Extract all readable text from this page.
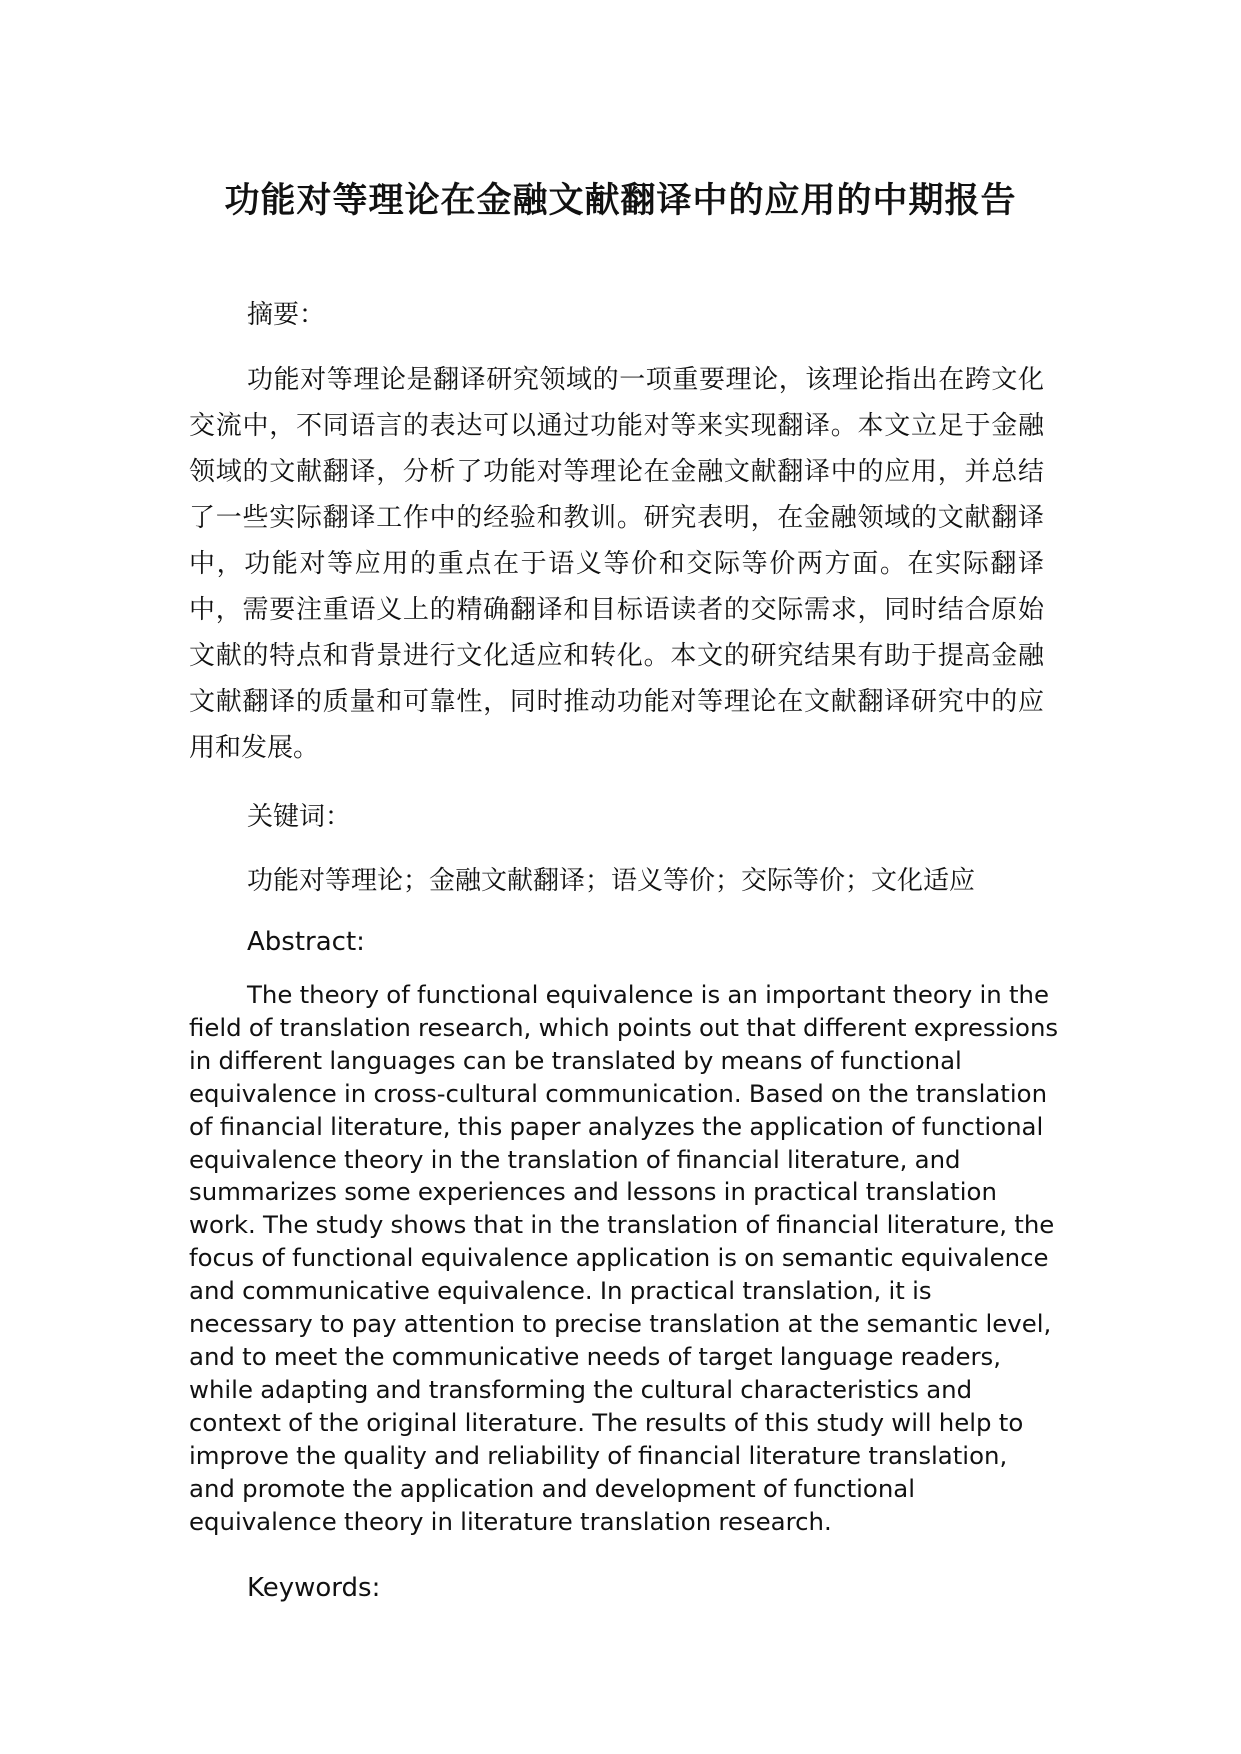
功能对等理论在金融文献翻译中的应用的中期报告

摘要：

功能对等理论是翻译研究领域的一项重要理论，该理论指出在跨文化交流中，不同语言的表达可以通过功能对等来实现翻译。本文立足于金融领域的文献翻译，分析了功能对等理论在金融文献翻译中的应用，并总结了一些实际翻译工作中的经验和教训。研究表明，在金融领域的文献翻译中，功能对等应用的重点在于语义等价和交际等价两方面。在实际翻译中，需要注重语义上的精确翻译和目标语读者的交际需求，同时结合原始文献的特点和背景进行文化适应和转化。本文的研究结果有助于提高金融文献翻译的质量和可靠性，同时推动功能对等理论在文献翻译研究中的应用和发展。

关键词：

功能对等理论；金融文献翻译；语义等价；交际等价；文化适应

Abstract:

The theory of functional equivalence is an important theory in the field of translation research, which points out that different expressions in different languages can be translated by means of functional equivalence in cross-cultural communication. Based on the translation of financial literature, this paper analyzes the application of functional equivalence theory in the translation of financial literature, and summarizes some experiences and lessons in practical translation work. The study shows that in the translation of financial literature, the focus of functional equivalence application is on semantic equivalence and communicative equivalence. In practical translation, it is necessary to pay attention to precise translation at the semantic level, and to meet the communicative needs of target language readers, while adapting and transforming the cultural characteristics and context of the original literature. The results of this study will help to improve the quality and reliability of financial literature translation, and promote the application and development of functional equivalence theory in literature translation research.

Keywords:
